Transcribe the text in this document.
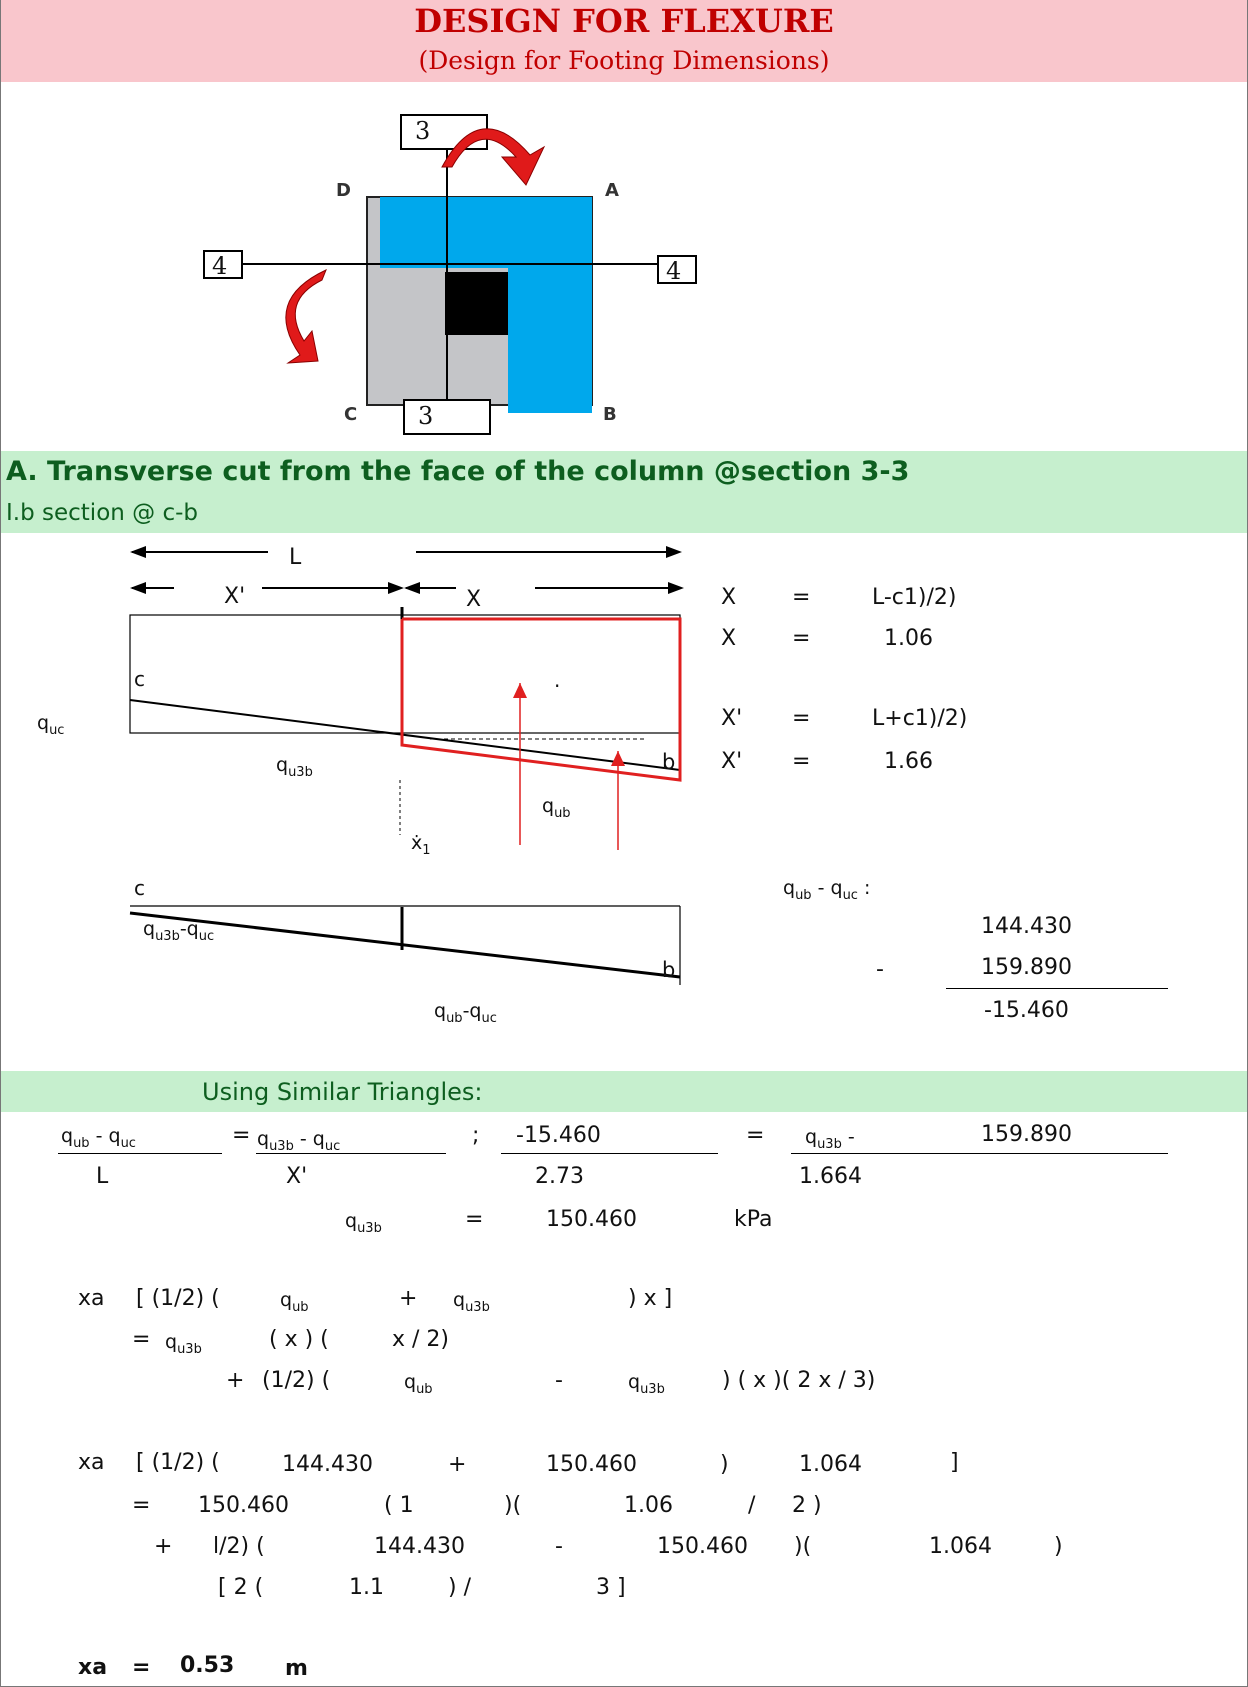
DESIGN FOR FLEXURE
(Design for Footing Dimensions)
3
3
4	4
D	A
C	B
A. Transverse cut from the face of the column @section 3-3
I.b section @ c-b
L
X'	X
c	.
b
$q_{uc}$
$q_{u3b}$
$q_{ub}$
ẋ$_1$
c
b
$q_{u3b}-q_{uc}$
$q_{ub}-q_{uc}$
X	=	L-c1)/2)
X	=	1.06
X' =	L+c1)/2)
X' =	1.66
$q_{ub} - q_{uc}$ :
144.430
-	159.890
-15.460
Using Similar Triangles:
$q_{ub} - q_{uc}$
L
= $q_{u3b} - q_{uc}$
X'
; -15.460
2.73
= $q_{u3b}$ -	159.890
1.664
$q_{u3b}$	=	150.460	kPa
xa [ (1/2) (	$q_{ub}$	+ $q_{u3b}$	) x ]
= $q_{u3b}$	( x ) (	x / 2)
+ (1/2) (	$q_{ub}$	-	$q_{u3b}$	) ( x )( 2 x / 3)
xa [ (1/2) (	144.430	+	150.460	)	1.064	]
= 150.460	( 1	)(	1.06	/ 2 )
+ l/2) (	144.430	-	150.460 )(	1.064	)
[ 2 (	1.1	) /	3 ]
xa = 0.53 m
